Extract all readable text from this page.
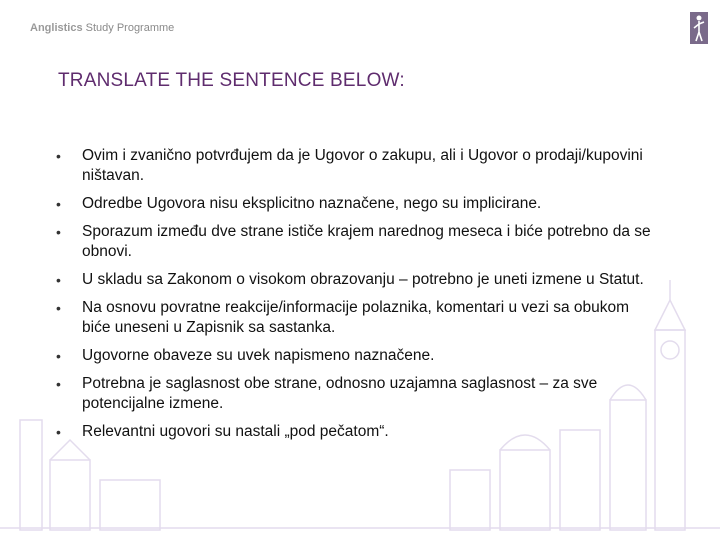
Anglistics Study Programme
TRANSLATE THE SENTENCE BELOW:
• Ovim i zvanično potvrđujem da je Ugovor o zakupu, ali i Ugovor o prodaji/kupovini ništavan.
• Odredbe Ugovora nisu eksplicitno naznačene, nego su implicirane.
• Sporazum između dve strane ističe krajem narednog meseca i biće potrebno da se obnovi.
• U skladu sa Zakonom o visokom obrazovanju – potrebno je uneti izmene u Statut.
• Na osnovu povratne reakcije/informacije polaznika, komentari u vezi sa obukom biće uneseni u Zapisnik sa sastanka.
• Ugovorne obaveze su uvek napismeno naznačene.
• Potrebna je saglasnost obe strane, odnosno uzajamna saglasnost – za sve potencijalne izmene.
• Relevantni ugovori su nastali „pod pečatom“.
